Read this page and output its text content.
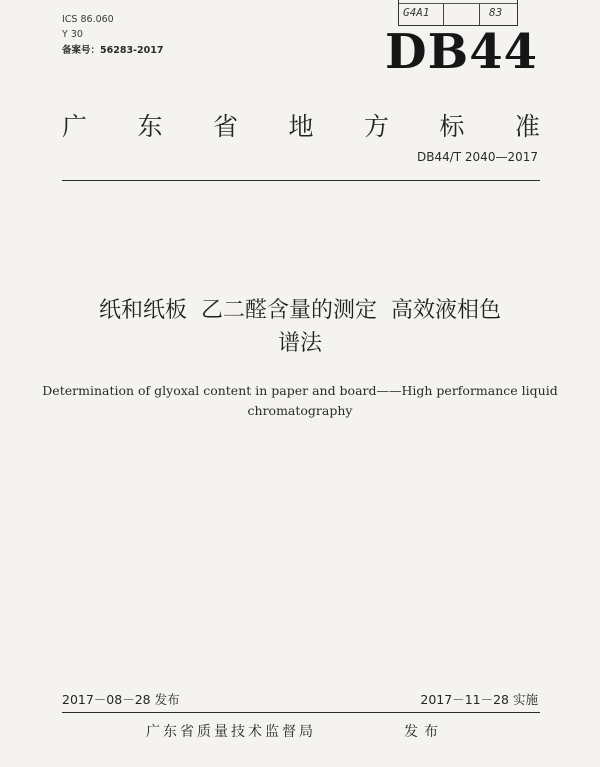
ICS 86.060
Y 30
备案号：56283-2017
G4A1	83
DB44
广 东 省 地 方 标 准
DB44/T 2040—2017
纸和纸板  乙二醛含量的测定  高效液相色
谱法
Determination of glyoxal content in paper and board——High performance liquid
chromatography
2017－08－28 发布	2017－11－28 实施
广东省质量技术监督局	发布
